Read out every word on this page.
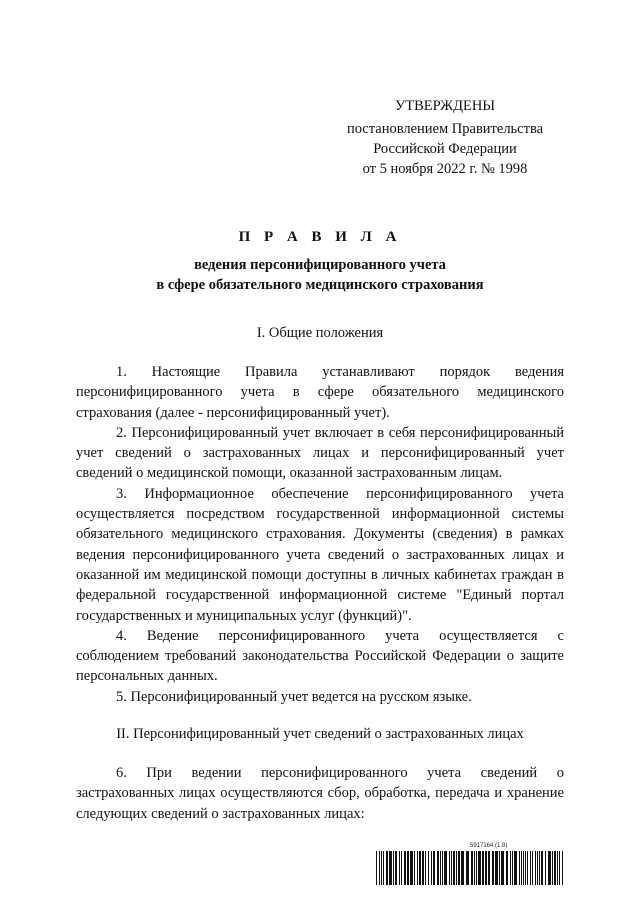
УТВЕРЖДЕНЫ
постановлением Правительства
Российской Федерации
от 5 ноября 2022 г. № 1998
П Р А В И Л А
ведения персонифицированного учета
в сфере обязательного медицинского страхования
I. Общие положения

1. Настоящие Правила устанавливают порядок ведения персонифицированного учета в сфере обязательного медицинского страхования (далее - персонифицированный учет).

2. Персонифицированный учет включает в себя персонифицированный учет сведений о застрахованных лицах и персонифицированный учет сведений о медицинской помощи, оказанной застрахованным лицам.

3. Информационное обеспечение персонифицированного учета осуществляется посредством государственной информационной системы обязательного медицинского страхования. Документы (сведения) в рамках ведения персонифицированного учета сведений о застрахованных лицах и оказанной им медицинской помощи доступны в личных кабинетах граждан в федеральной государственной информационной системе "Единый портал государственных и муниципальных услуг (функций)".

4. Ведение персонифицированного учета осуществляется с соблюдением требований законодательства Российской Федерации о защите персональных данных.

5. Персонифицированный учет ведется на русском языке.

II. Персонифицированный учет сведений о застрахованных лицах

6. При ведении персонифицированного учета сведений о застрахованных лицах осуществляются сбор, обработка, передача и хранение следующих сведений о застрахованных лицах:

5917164 (1.8)
